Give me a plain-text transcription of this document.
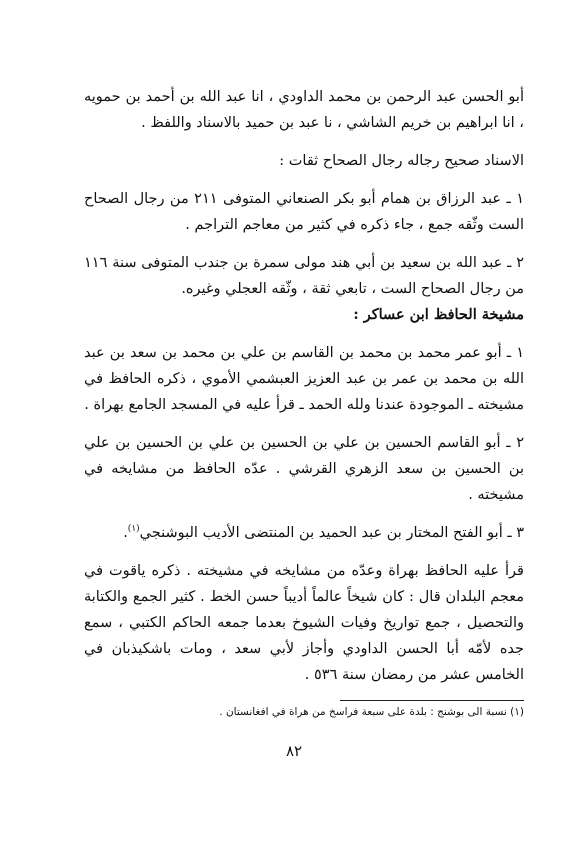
أبو الحسن عبد الرحمن بن محمد الداودي ، انا عبد الله بن أحمد بن حمويه ، انا ابراهيم بن خريم الشاشي ، نا عبد بن حميد بالاسناد واللفظ .

الاسناد صحيح رجاله رجال الصحاح ثقات :

١ ـ عبد الرزاق بن همام أبو بكر الصنعاني المتوفى ٢١١ من رجال الصحاح الست وثّقه جمع ، جاء ذكره في كثير من معاجم التراجم .

٢ ـ عبد الله بن سعيد بن أبي هند مولى سمرة بن جندب المتوفى سنة ١١٦ من رجال الصحاح الست ، تابعي ثقة ، وثّقه العجلي وغيره.

مشيخة الحافظ ابن عساكر :

١ ـ أبو عمر محمد بن محمد بن القاسم بن علي بن محمد بن سعد بن عبد الله بن محمد بن عمر بن عبد العزيز العبشمي الأموي ، ذكره الحافظ في مشيخته ـ الموجودة عندنا ولله الحمد ـ قرأ عليه في المسجد الجامع بهراة .

٢ ـ أبو القاسم الحسين بن علي بن الحسين بن علي بن الحسين بن علي بن الحسين بن سعد الزهري القرشي . عدّه الحافظ من مشايخه في مشيخته .

٣ ـ أبو الفتح المختار بن عبد الحميد بن المنتضى الأديب البوشنجي$^{(١)}$.

قرأ عليه الحافظ بهراة وعدّه من مشايخه في مشيخته . ذكره ياقوت في معجم البلدان قال : كان شيخاً عالماً أديباً حسن الخط . كثير الجمع والكتابة والتحصيل ، جمع تواريخ وفيات الشيوخ بعدما جمعه الحاكم الكتبي ، سمع جده لأمّه أبا الحسن الداودي وأجاز لأبي سعد ، ومات باشكيذبان في الخامس عشر من رمضان سنة ٥٣٦ .

(١) نسبة الى بوشنج : بلدة على سبعة فراسخ من هراة في افغانستان .
٨٢
